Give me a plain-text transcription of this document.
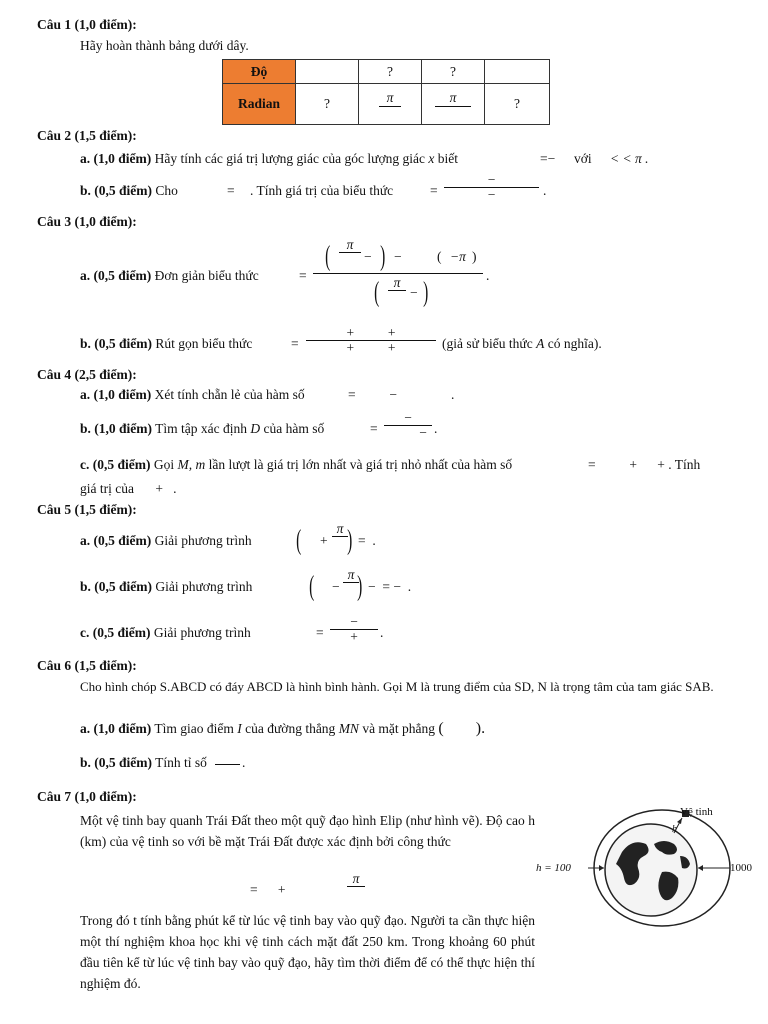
Câu 1 (1,0 điểm):
Hãy hoàn thành bảng dưới dây.
Độ		?	?	
Radian	?	π	π	?
Câu 2 (1,5 điểm):
a. (1,0 điểm) Hãy tính các giá trị lượng giác của góc lượng giác x biết	=− với < < π .
b. (0,5 điểm) Cho	= . Tính giá trị của biểu thức	=
−
−	.
Câu 3 (1,0 điểm):
a. (0,5 điểm) Đơn giản biểu thức	=
( π
− ) −	( −π )
( π
− )
.
b. (0,5 điểm) Rút gọn biểu thức	=
+          +
+          +	(giả sử biểu thức A có nghĩa).
Câu 4 (2,5 điểm):
a. (1,0 điểm) Xét tính chẵn lẻ của hàm số	=          −	.
b. (1,0 điểm) Tìm tập xác định D của hàm số	=
−
− .
c. (0,5 điểm) Gọi M, m lần lượt là giá trị lớn nhất và giá trị nhỏ nhất của hàm số	=          +      + . Tính
giá trị của +   .
Câu 5 (1,5 điểm):
a. (0,5 điểm) Giải phương trình ( +
π ) =  .
b. (0,5 điểm) Giải phương trình ( −
π ) −  = −  .
c. (0,5 điểm) Giải phương trình	=
−
+ .
Câu 6 (1,5 điểm):
Cho hình chóp S.ABCD có đáy ABCD là hình bình hành. Gọi M là trung điểm của SD, N là trọng tâm của tam giác SAB.
a. (1,0 điểm) Tìm giao điểm I của đường thẳng MN và mặt phẳng (        ).
b. (0,5 điểm) Tính tỉ số	.
Câu 7 (1,0 điểm):
Một vệ tinh bay quanh Trái Đất theo một quỹ đạo hình Elip (như hình vẽ). Độ cao h (km) của vệ tinh so với bề mặt Trái Đất được xác định bởi công thức
=      +
π
Trong đó t tính bằng phút kể từ lúc vệ tinh bay vào quỹ đạo. Người ta cần thực hiện một thí nghiệm khoa học khi vệ tinh cách mặt đất 250 km. Trong khoảng 60 phút đầu tiên kể từ lúc vệ tinh bay vào quỹ đạo, hãy tìm thời điểm để có thể thực hiện thí nghiệm đó.
Vệ tinh
h
h = 100	1000
